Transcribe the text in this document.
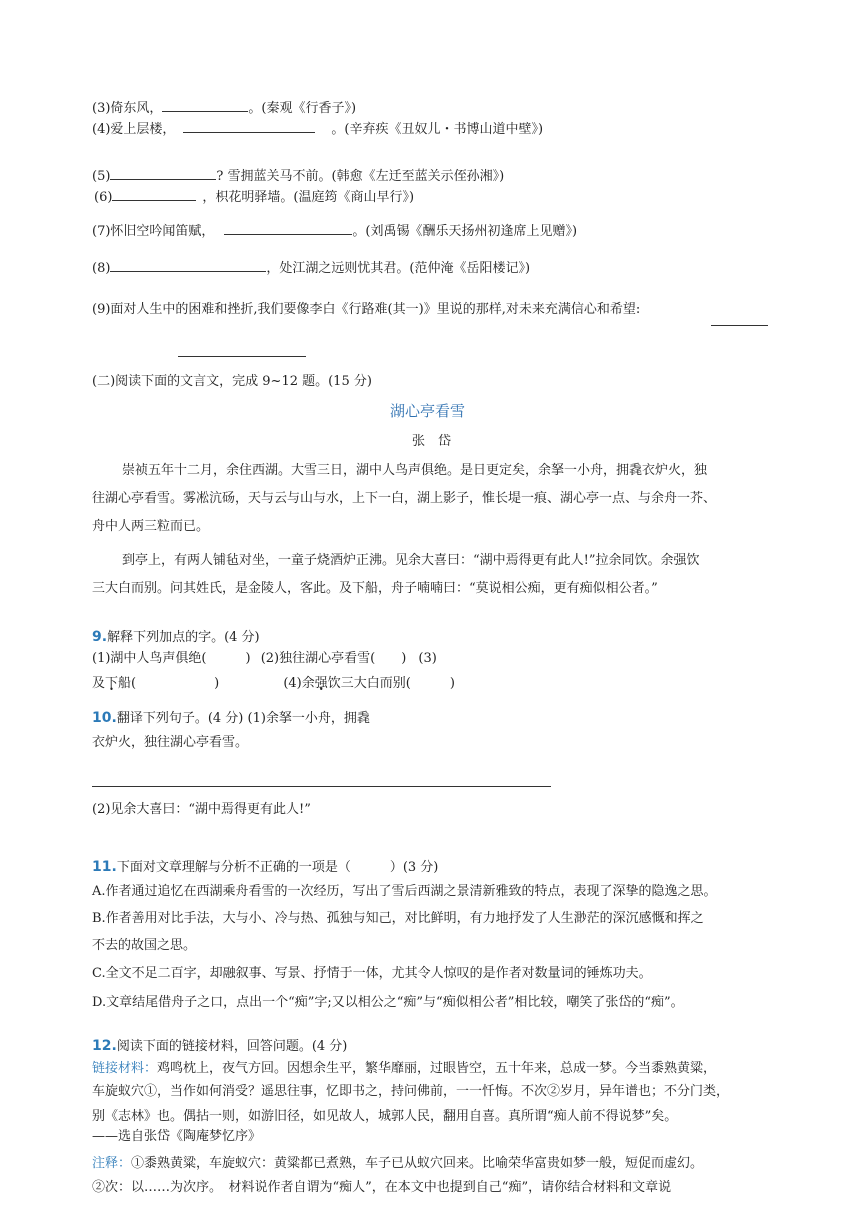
(3)倚东风，	。(秦观《行香子》)
(4)爱上层楼，	。(辛弃疾《丑奴儿・书博山道中壁》)
(5)	? 雪拥蓝关马不前。(韩愈《左迁至蓝关示侄孙湘》)
(6)	，枳花明驿墙。(温庭筠《商山早行》)
(7)怀旧空吟闻笛赋，	。(刘禹锡《酬乐天扬州初逢席上见赠》)
(8)	，处江湖之远则忧其君。(范仲淹《岳阳楼记》)
(9)面对人生中的困难和挫折,我们要像李白《行路难(其一)》里说的那样,对未来充满信心和希望:
(二)阅读下面的文言文，完成 9~12 题。(15 分)
湖心亭看雪
张　岱
崇祯五年十二月，余住西湖。大雪三日，湖中人鸟声俱绝。是日更定矣，余拏一小舟，拥毳衣炉火，独
往湖心亭看雪。雾凇沆砀，天与云与山与水，上下一白，湖上影子，惟长堤一痕、湖心亭一点、与余舟一芥、
舟中人两三粒而已。
到亭上，有两人铺毡对坐，一童子烧酒炉正沸。见余大喜曰：“湖中焉得更有此人!”拉余同饮。余强饮
三大白而别。问其姓氏，是金陵人，客此。及下船，舟子喃喃曰：“莫说相公痴，更有痴似相公者。”
9.解释下列加点的字。(4 分)
(1)湖中人鸟声俱绝(　　　) (2)独往湖心亭看雪(　　) (3)
及下船(　　　　　　)	(4)余强饮三大白而别(　　　)
10.翻译下列句子。(4 分) (1)余拏一小舟，拥毳
衣炉火，独往湖心亭看雪。
(2)见余大喜曰：“湖中焉得更有此人!”
11.下面对文章理解与分析不正确的一项是（　　　）(3 分)
A.作者通过追忆在西湖乘舟看雪的一次经历，写出了雪后西湖之景清新雅致的特点，表现了深挚的隐逸之思。
B.作者善用对比手法，大与小、冷与热、孤独与知己，对比鲜明，有力地抒发了人生渺茫的深沉感慨和挥之
不去的故国之思。
C.全文不足二百字，却融叙事、写景、抒情于一体，尤其令人惊叹的是作者对数量词的锤炼功夫。
D.文章结尾借舟子之口，点出一个“痴”字;又以相公之“痴”与“痴似相公者”相比较，嘲笑了张岱的“痴”。
12.阅读下面的链接材料，回答问题。(4 分)
链接材料：鸡鸣枕上，夜气方回。因想余生平，繁华靡丽，过眼皆空，五十年来，总成一梦。今当黍熟黄粱，
车旋蚁穴①，当作如何消受？遥思往事，忆即书之，持问佛前，一一忏悔。不次②岁月，异年谱也；不分门类，
别《志林》也。偶拈一则，如游旧径，如见故人，城郭人民，翻用自喜。真所谓“痴人前不得说梦”矣。
——选自张岱《陶庵梦忆序》
注释：①黍熟黄粱，车旋蚁穴：黄粱都已煮熟，车子已从蚁穴回来。比喻荣华富贵如梦一般，短促而虚幻。
②次：以……为次序。　材料说作者自谓为“痴人”，在本文中也提到自己“痴”，请你结合材料和文章说
